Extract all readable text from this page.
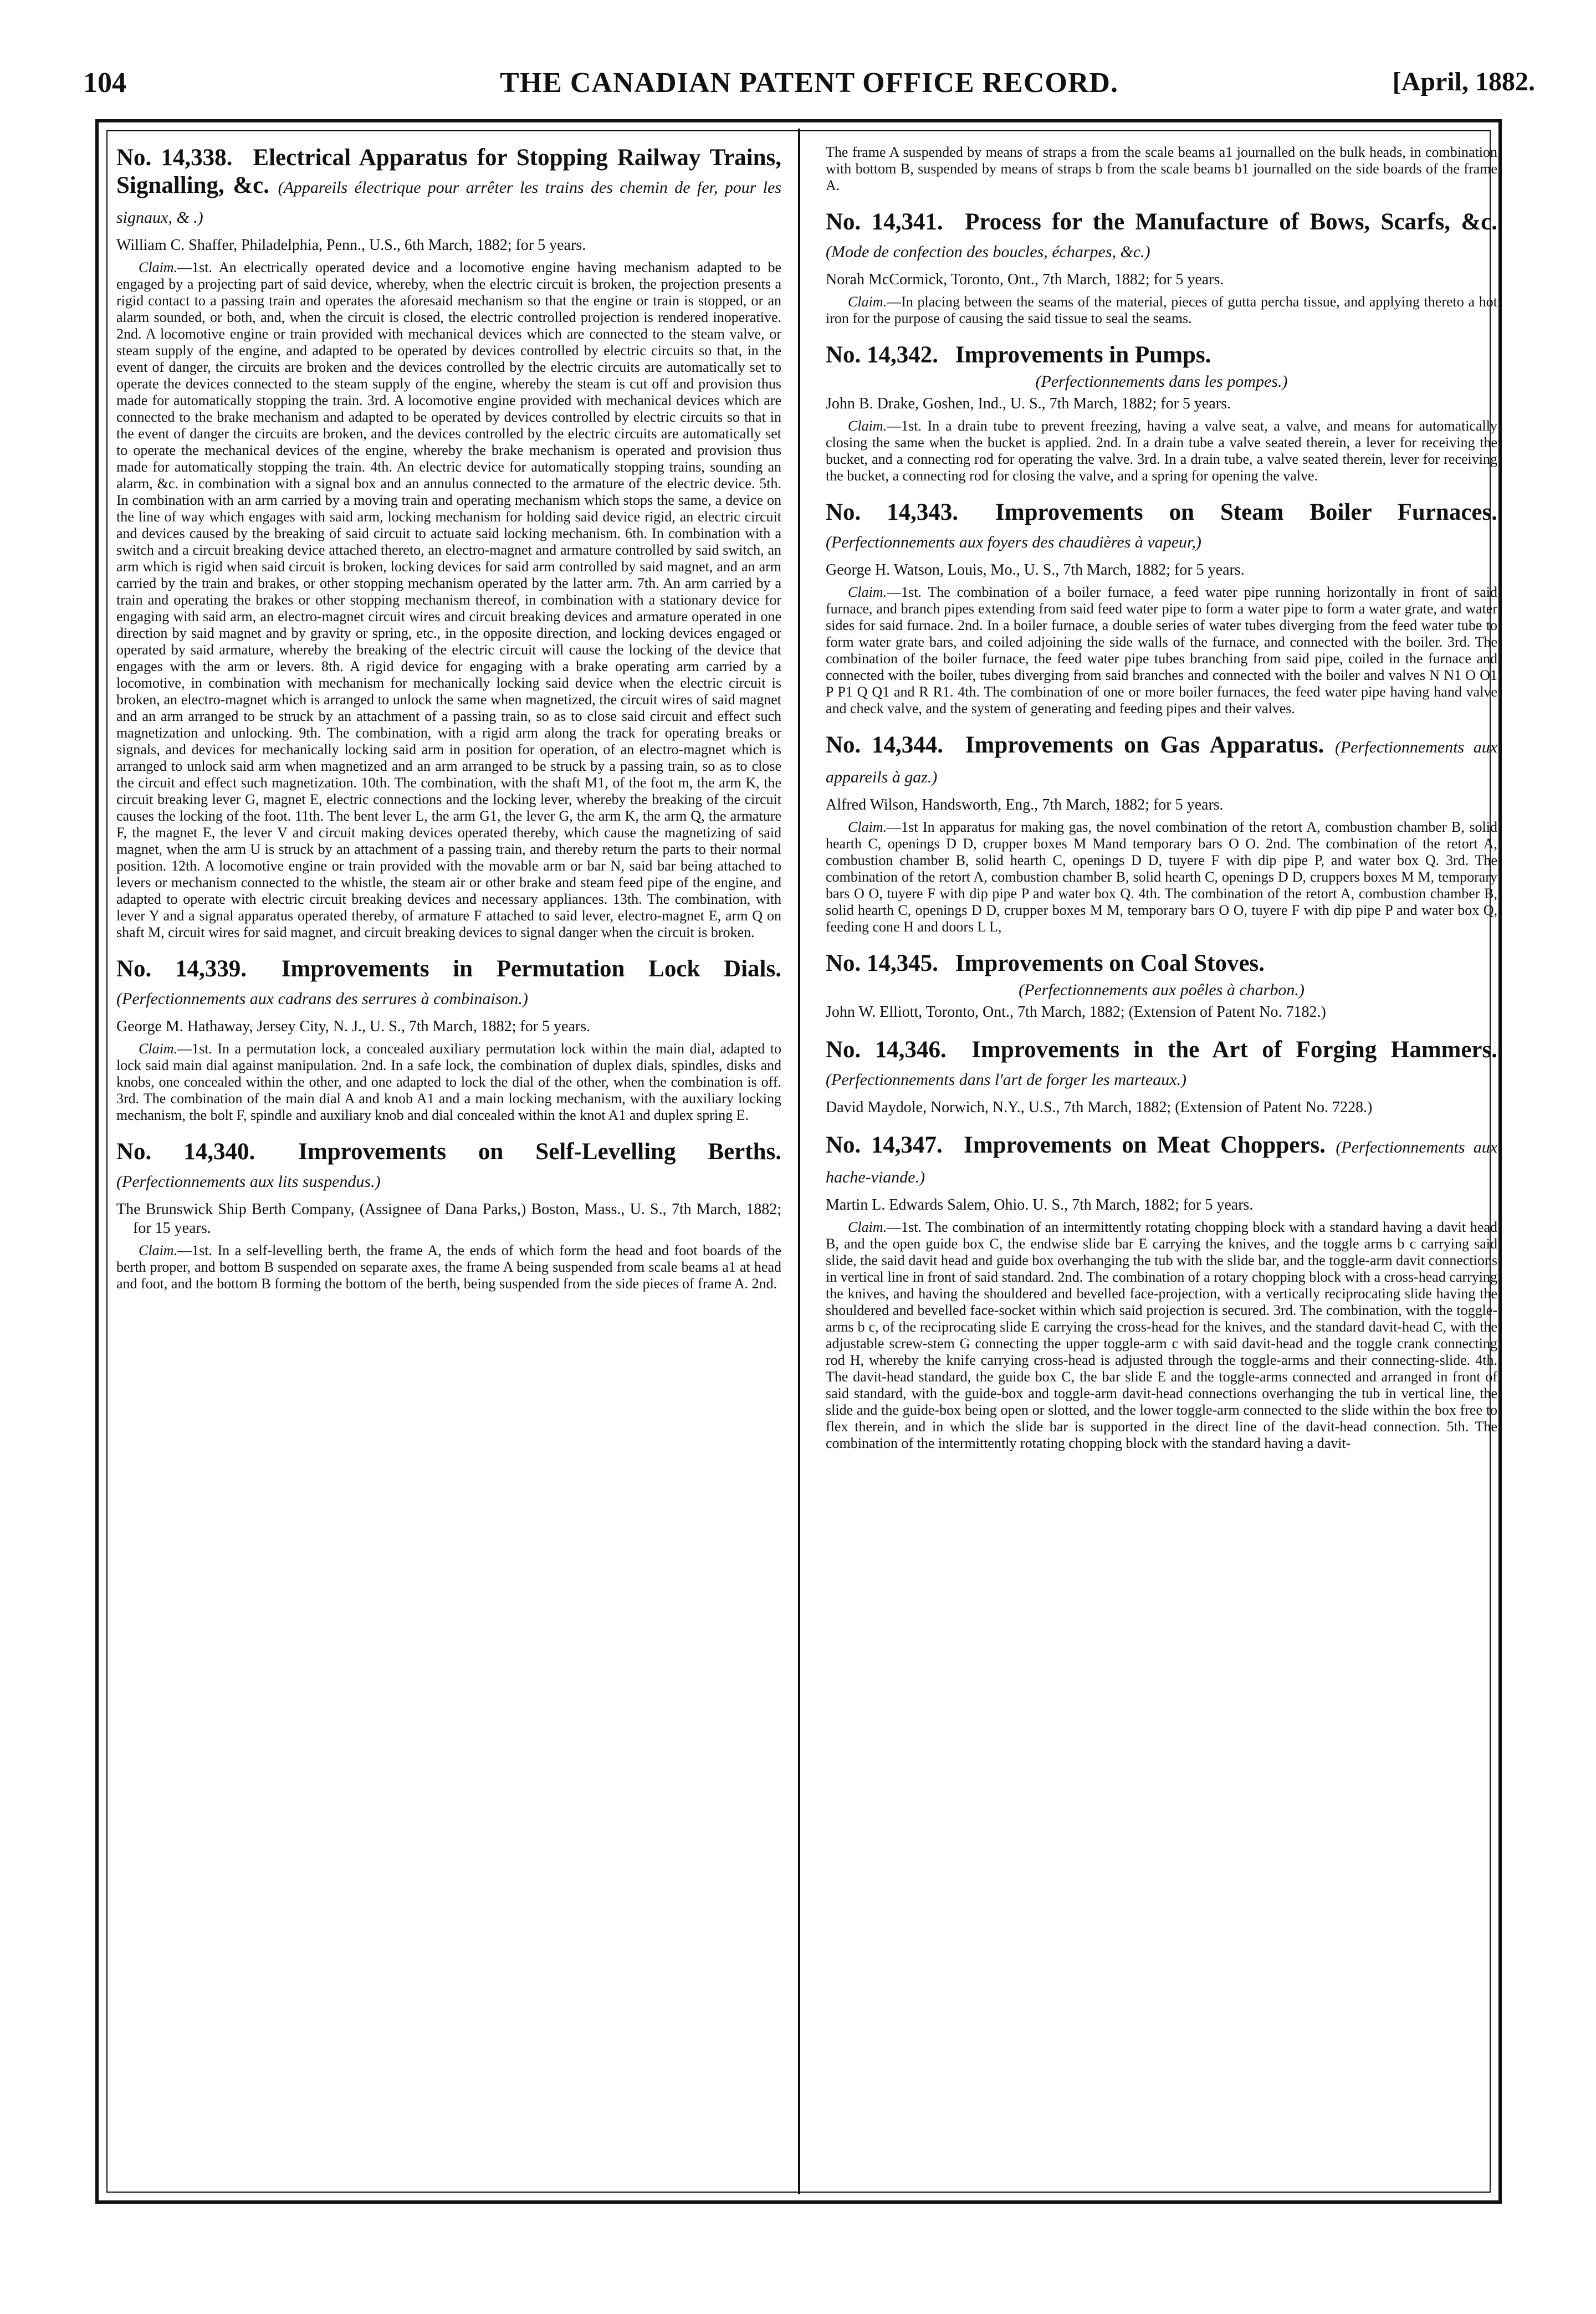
104	THE CANADIAN PATENT OFFICE RECORD.	[April, 1882.
No. 14,338. Electrical Apparatus for Stopping Railway Trains, Signalling, &c. (Appareils électrique pour arrêter les trains des chemin de fer, pour les signaux, & .)
William C. Shaffer, Philadelphia, Penn., U.S., 6th March, 1882; for 5 years.
Claim.—1st. An electrically operated device and a locomotive engine having mechanism adapted to be engaged by a projecting part of said device, whereby, when the electric circuit is broken, the projection presents a rigid contact to a passing train and operates the aforesaid mechanism so that the engine or train is stopped, or an alarm sounded, or both, and, when the circuit is closed, the electric controlled projection is rendered inoperative. 2nd. A locomotive engine or train provided with mechanical devices which are connected to the steam valve, or steam supply of the engine, and adapted to be operated by devices controlled by electric circuits so that, in the event of danger, the circuits are broken and the devices controlled by the electric circuits are automatically set to operate the devices connected to the steam supply of the engine, whereby the steam is cut off and provision thus made for automatically stopping the train. 3rd. A locomotive engine provided with mechanical devices which are connected to the brake mechanism and adapted to be operated by devices controlled by electric circuits so that in the event of danger the circuits are broken, and the devices controlled by the electric circuits are automatically set to operate the mechanical devices of the engine, whereby the brake mechanism is operated and provision thus made for automatically stopping the train. 4th. An electric device for automatically stopping trains, sounding an alarm, &c. in combination with a signal box and an annulus connected to the armature of the electric device. 5th. In combination with an arm carried by a moving train and operating mechanism which stops the same, a device on the line of way which engages with said arm, locking mechanism for holding said device rigid, an electric circuit and devices caused by the breaking of said circuit to actuate said locking mechanism. 6th. In combination with a switch and a circuit breaking device attached thereto, an electro-magnet and armature controlled by said switch, an arm which is rigid when said circuit is broken, locking devices for said arm controlled by said magnet, and an arm carried by the train and brakes, or other stopping mechanism operated by the latter arm. 7th. An arm carried by a train and operating the brakes or other stopping mechanism thereof, in combination with a stationary device for engaging with said arm, an electro-magnet circuit wires and circuit breaking devices and armature operated in one direction by said magnet and by gravity or spring, etc., in the opposite direction, and locking devices engaged or operated by said armature, whereby the breaking of the electric circuit will cause the locking of the device that engages with the arm or levers. 8th. A rigid device for engaging with a brake operating arm carried by a locomotive, in combination with mechanism for mechanically locking said device when the electric circuit is broken, an electro-magnet which is arranged to unlock the same when magnetized, the circuit wires of said magnet and an arm arranged to be struck by an attachment of a passing train, so as to close said circuit and effect such magnetization and unlocking. 9th. The combination, with a rigid arm along the track for operating breaks or signals, and devices for mechanically locking said arm in position for operation, of an electro-magnet which is arranged to unlock said arm when magnetized and an arm arranged to be struck by a passing train, so as to close the circuit and effect such magnetization. 10th. The combination, with the shaft M1, of the foot m, the arm K, the circuit breaking lever G, magnet E, electric connections and the locking lever, whereby the breaking of the circuit causes the locking of the foot. 11th. The bent lever L, the arm G1, the lever G, the arm K, the arm Q, the armature F, the magnet E, the lever V and circuit making devices operated thereby, which cause the magnetizing of said magnet, when the arm U is struck by an attachment of a passing train, and thereby return the parts to their normal position. 12th. A locomotive engine or train provided with the movable arm or bar N, said bar being attached to levers or mechanism connected to the whistle, the steam air or other brake and steam feed pipe of the engine, and adapted to operate with electric circuit breaking devices and necessary appliances. 13th. The combination, with lever Y and a signal apparatus operated thereby, of armature F attached to said lever, electro-magnet E, arm Q on shaft M, circuit wires for said magnet, and circuit breaking devices to signal danger when the circuit is broken.
No. 14,339. Improvements in Permutation Lock Dials. (Perfectionnements aux cadrans des serrures à combinaison.)
George M. Hathaway, Jersey City, N. J., U. S., 7th March, 1882; for 5 years.
Claim.—1st. In a permutation lock, a concealed auxiliary permutation lock within the main dial, adapted to lock said main dial against manipulation. 2nd. In a safe lock, the combination of duplex dials, spindles, disks and knobs, one concealed within the other, and one adapted to lock the dial of the other, when the combination is off. 3rd. The combination of the main dial A and knob A1 and a main locking mechanism, with the auxiliary locking mechanism, the bolt F, spindle and auxiliary knob and dial concealed within the knot A1 and duplex spring E.
No. 14,340. Improvements on Self-Levelling Berths. (Perfectionnements aux lits suspendus.)
The Brunswick Ship Berth Company, (Assignee of Dana Parks,) Boston, Mass., U. S., 7th March, 1882; for 15 years.
Claim.—1st. In a self-levelling berth, the frame A, the ends of which form the head and foot boards of the berth proper, and bottom B suspended on separate axes, the frame A being suspended from scale beams a1 at head and foot, and the bottom B forming the bottom of the berth, being suspended from the side pieces of frame A. 2nd.
The frame A suspended by means of straps a from the scale beams a1 journalled on the bulk heads, in combination with bottom B, suspended by means of straps b from the scale beams b1 journalled on the side boards of the frame A.
No. 14,341. Process for the Manufacture of Bows, Scarfs, &c. (Mode de confection des boucles, écharpes, &c.)
Norah McCormick, Toronto, Ont., 7th March, 1882; for 5 years.
Claim.—In placing between the seams of the material, pieces of gutta percha tissue, and applying thereto a hot iron for the purpose of causing the said tissue to seal the seams.
No. 14,342. Improvements in Pumps.
(Perfectionnements dans les pompes.)
John B. Drake, Goshen, Ind., U. S., 7th March, 1882; for 5 years.
Claim.—1st. In a drain tube to prevent freezing, having a valve seat, a valve, and means for automatically closing the same when the bucket is applied. 2nd. In a drain tube a valve seated therein, a lever for receiving the bucket, and a connecting rod for operating the valve. 3rd. In a drain tube, a valve seated therein, lever for receiving the bucket, a connecting rod for closing the valve, and a spring for opening the valve.
No. 14,343. Improvements on Steam Boiler Furnaces. (Perfectionnements aux foyers des chaudières à vapeur,)
George H. Watson, Louis, Mo., U. S., 7th March, 1882; for 5 years.
Claim.—1st. The combination of a boiler furnace, a feed water pipe running horizontally in front of said furnace, and branch pipes extending from said feed water pipe to form a water pipe to form a water grate, and water sides for said furnace. 2nd. In a boiler furnace, a double series of water tubes diverging from the feed water tube to form water grate bars, and coiled adjoining the side walls of the furnace, and connected with the boiler. 3rd. The combination of the boiler furnace, the feed water pipe tubes branching from said pipe, coiled in the furnace and connected with the boiler, tubes diverging from said branches and connected with the boiler and valves N N1 O O1 P P1 Q Q1 and R R1. 4th. The combination of one or more boiler furnaces, the feed water pipe having hand valve and check valve, and the system of generating and feeding pipes and their valves.
No. 14,344. Improvements on Gas Apparatus. (Perfectionnements aux appareils à gaz.)
Alfred Wilson, Handsworth, Eng., 7th March, 1882; for 5 years.
Claim.—1st In apparatus for making gas, the novel combination of the retort A, combustion chamber B, solid hearth C, openings D D, crupper boxes M Mand temporary bars O O. 2nd. The combination of the retort A, combustion chamber B, solid hearth C, openings D D, tuyere F with dip pipe P, and water box Q. 3rd. The combination of the retort A, combustion chamber B, solid hearth C, openings D D, cruppers boxes M M, temporary bars O O, tuyere F with dip pipe P and water box Q. 4th. The combination of the retort A, combustion chamber B, solid hearth C, openings D D, crupper boxes M M, temporary bars O O, tuyere F with dip pipe P and water box Q, feeding cone H and doors L L,
No. 14,345. Improvements on Coal Stoves.
(Perfectionnements aux poêles à charbon.)
John W. Elliott, Toronto, Ont., 7th March, 1882; (Extension of Patent No. 7182.)
No. 14,346. Improvements in the Art of Forging Hammers. (Perfectionnements dans l'art de forger les marteaux.)
David Maydole, Norwich, N.Y., U.S., 7th March, 1882; (Extension of Patent No. 7228.)
No. 14,347. Improvements on Meat Choppers. (Perfectionnements aux hache-viande.)
Martin L. Edwards Salem, Ohio. U. S., 7th March, 1882; for 5 years.
Claim.—1st. The combination of an intermittently rotating chopping block with a standard having a davit head B, and the open guide box C, the endwise slide bar E carrying the knives, and the toggle arms b c carrying said slide, the said davit head and guide box overhanging the tub with the slide bar, and the toggle-arm davit connections in vertical line in front of said standard. 2nd. The combination of a rotary chopping block with a cross-head carrying the knives, and having the shouldered and bevelled face-projection, with a vertically reciprocating slide having the shouldered and bevelled face-socket within which said projection is secured. 3rd. The combination, with the toggle-arms b c, of the reciprocating slide E carrying the cross-head for the knives, and the standard davit-head C, with the adjustable screw-stem G connecting the upper toggle-arm c with said davit-head and the toggle crank connecting rod H, whereby the knife carrying cross-head is adjusted through the toggle-arms and their connecting-slide. 4th. The davit-head standard, the guide box C, the bar slide E and the toggle-arms connected and arranged in front of said standard, with the guide-box and toggle-arm davit-head connections overhanging the tub in vertical line, the slide and the guide-box being open or slotted, and the lower toggle-arm connected to the slide within the box free to flex therein, and in which the slide bar is supported in the direct line of the davit-head connection. 5th. The combination of the intermittently rotating chopping block with the standard having a davit-
